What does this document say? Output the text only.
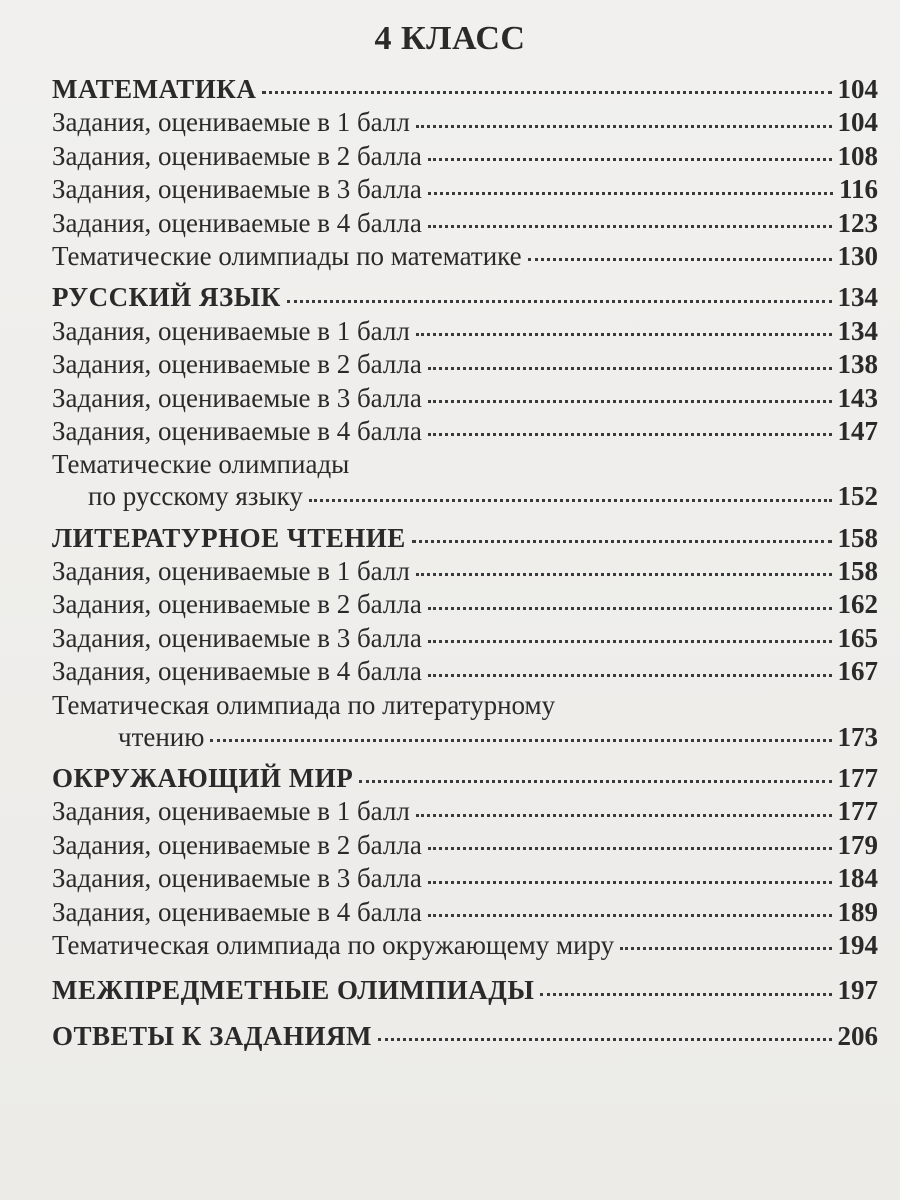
4 КЛАСС
МАТЕМАТИКА	104
Задания, оцениваемые в 1 балл	104
Задания, оцениваемые в 2 балла	108
Задания, оцениваемые в 3 балла	116
Задания, оцениваемые в 4 балла	123
Тематические олимпиады по математике	130
РУССКИЙ ЯЗЫК	134
Задания, оцениваемые в 1 балл	134
Задания, оцениваемые в 2 балла	138
Задания, оцениваемые в 3 балла	143
Задания, оцениваемые в 4 балла	147
Тематические олимпиады
по русскому языку	152
ЛИТЕРАТУРНОЕ ЧТЕНИЕ	158
Задания, оцениваемые в 1 балл	158
Задания, оцениваемые в 2 балла	162
Задания, оцениваемые в 3 балла	165
Задания, оцениваемые в 4 балла	167
Тематическая олимпиада по литературному
чтению	173
ОКРУЖАЮЩИЙ МИР	177
Задания, оцениваемые в 1 балл	177
Задания, оцениваемые в 2 балла	179
Задания, оцениваемые в 3 балла	184
Задания, оцениваемые в 4 балла	189
Тематическая олимпиада по окружающему миру	194
МЕЖПРЕДМЕТНЫЕ ОЛИМПИАДЫ	197
ОТВЕТЫ К ЗАДАНИЯМ	206
